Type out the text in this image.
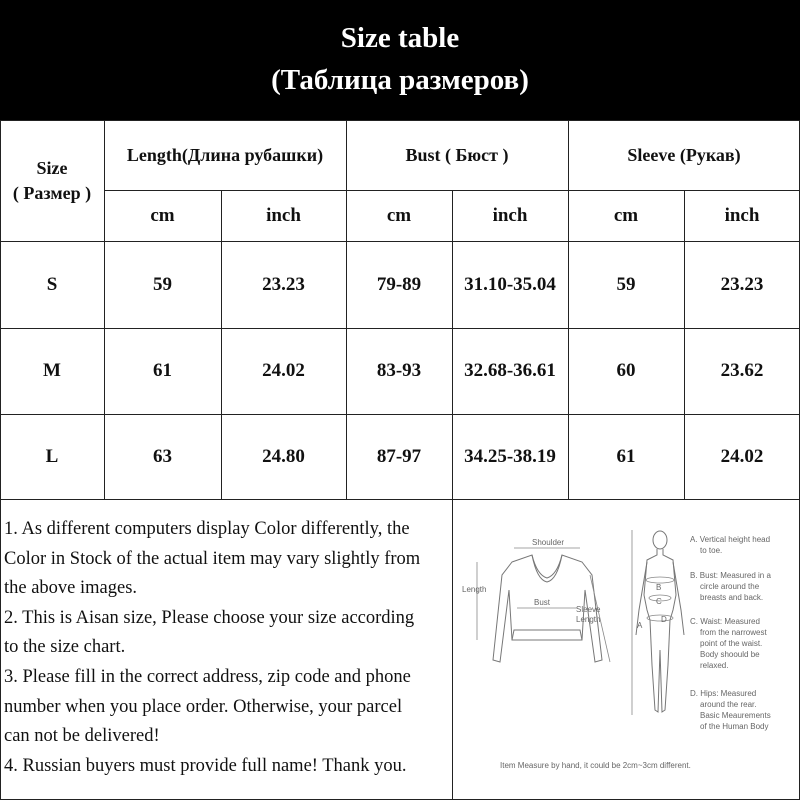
Size table
(Таблица размеров)
Size
( Размер )
Length(Длина рубашки)	Bust ( Бюст )	Sleeve (Рукав)
cm	inch	cm	inch	cm	inch
S	59	23.23	79-89	31.10-35.04	59	23.23
M	61	24.02	83-93	32.68-36.61	60	23.62
L	63	24.80	87-97	34.25-38.19	61	24.02
1. As different computers display Color differently, the
Color in Stock of the actual item may vary slightly from
the above images.
2. This is Aisan size, Please choose your size according
to the size chart.
3. Please fill in the correct address, zip code and phone
number when you place order. Otherwise, your parcel
can not be delivered!
4. Russian buyers must provide full name! Thank you.
Shoulder
Length
Bust
Sleeve
Length
A
B
C
D
A. Vertical height head
to toe.
B. Bust: Measured in a
circle around the
breasts and back.
C. Waist: Measured
from the narrowest
point of the waist.
Body shoould be
relaxed.
D. Hips: Measured
around the rear.
Basic Meaurements
of the Human Body
Item Measure by hand, it could be 2cm~3cm different.
